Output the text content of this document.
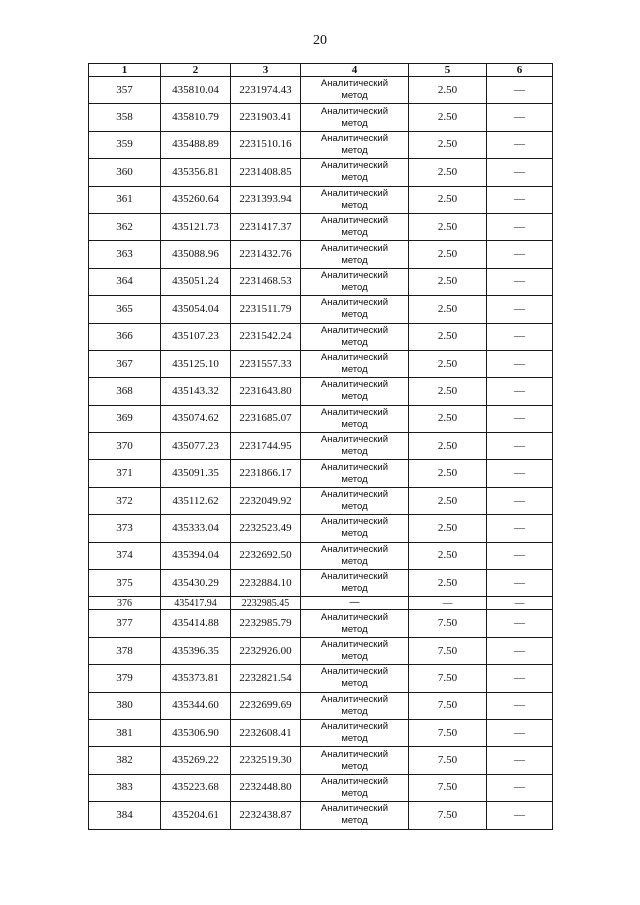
20
1	2	3	4	5	6
357	435810.04	2231974.43	Аналитический метод	2.50	—
358	435810.79	2231903.41	Аналитический метод	2.50	—
359	435488.89	2231510.16	Аналитический метод	2.50	—
360	435356.81	2231408.85	Аналитический метод	2.50	—
361	435260.64	2231393.94	Аналитический метод	2.50	—
362	435121.73	2231417.37	Аналитический метод	2.50	—
363	435088.96	2231432.76	Аналитический метод	2.50	—
364	435051.24	2231468.53	Аналитический метод	2.50	—
365	435054.04	2231511.79	Аналитический метод	2.50	—
366	435107.23	2231542.24	Аналитический метод	2.50	—
367	435125.10	2231557.33	Аналитический метод	2.50	—
368	435143.32	2231643.80	Аналитический метод	2.50	—
369	435074.62	2231685.07	Аналитический метод	2.50	—
370	435077.23	2231744.95	Аналитический метод	2.50	—
371	435091.35	2231866.17	Аналитический метод	2.50	—
372	435112.62	2232049.92	Аналитический метод	2.50	—
373	435333.04	2232523.49	Аналитический метод	2.50	—
374	435394.04	2232692.50	Аналитический метод	2.50	—
375	435430.29	2232884.10	Аналитический метод	2.50	—
376	435417.94	2232985.45	—	—	—
377	435414.88	2232985.79	Аналитический метод	7.50	—
378	435396.35	2232926.00	Аналитический метод	7.50	—
379	435373.81	2232821.54	Аналитический метод	7.50	—
380	435344.60	2232699.69	Аналитический метод	7.50	—
381	435306.90	2232608.41	Аналитический метод	7.50	—
382	435269.22	2232519.30	Аналитический метод	7.50	—
383	435223.68	2232448.80	Аналитический метод	7.50	—
384	435204.61	2232438.87	Аналитический метод	7.50	—
